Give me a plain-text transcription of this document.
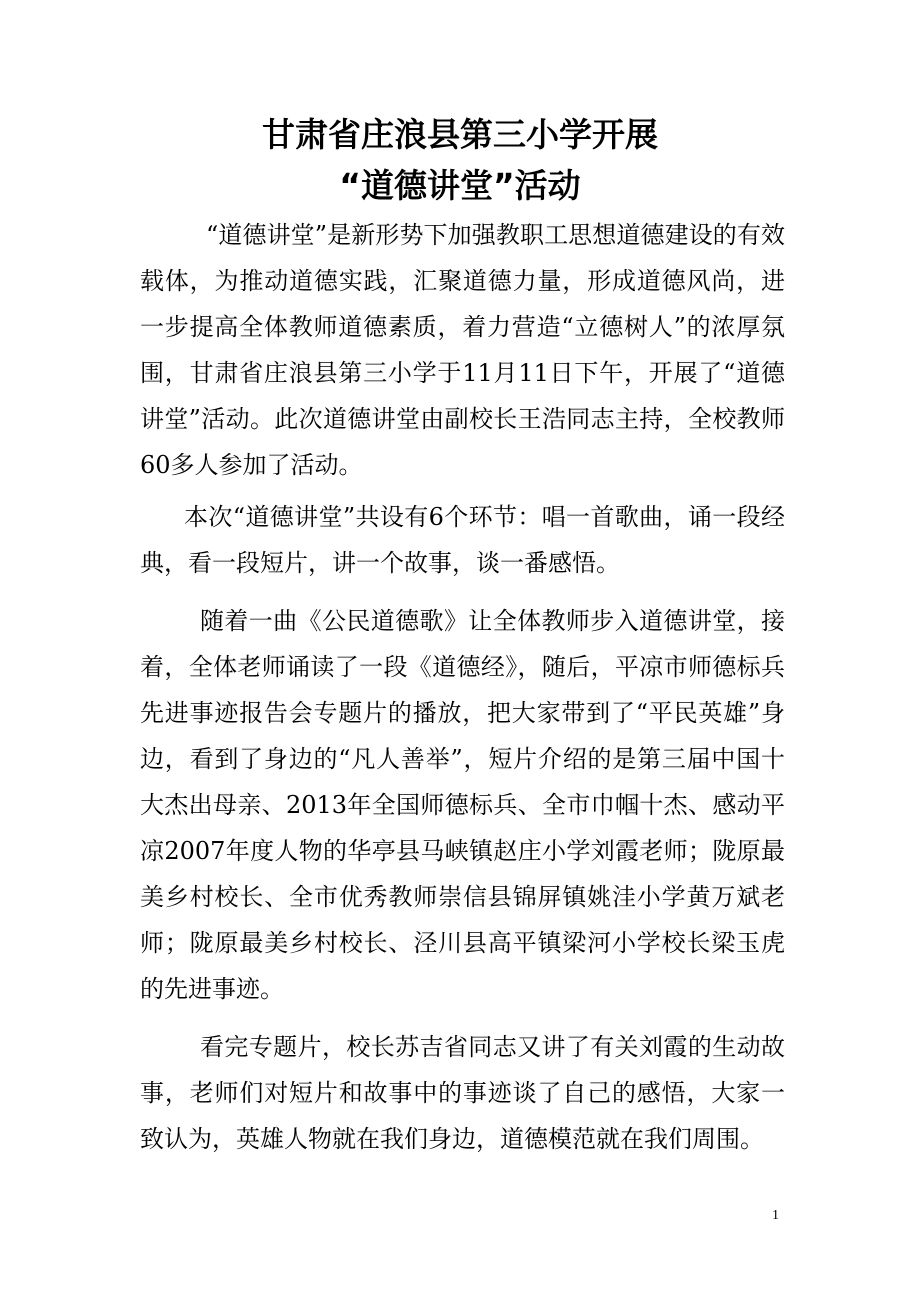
甘肃省庄浪县第三小学开展
“道德讲堂”活动

“道德讲堂”是新形势下加强教职工思想道德建设的有效载体，为推动道德实践，汇聚道德力量，形成道德风尚，进一步提高全体教师道德素质，着力营造“立德树人”的浓厚氛围，甘肃省庄浪县第三小学于11月11日下午，开展了“道德讲堂”活动。此次道德讲堂由副校长王浩同志主持，全校教师60多人参加了活动。

本次“道德讲堂”共设有6个环节：唱一首歌曲，诵一段经典，看一段短片，讲一个故事，谈一番感悟。

随着一曲《公民道德歌》让全体教师步入道德讲堂，接着，全体老师诵读了一段《道德经》，随后，平凉市师德标兵先进事迹报告会专题片的播放，把大家带到了“平民英雄”身边，看到了身边的“凡人善举”，短片介绍的是第三届中国十大杰出母亲、2013年全国师德标兵、全市巾帼十杰、感动平凉2007年度人物的华亭县马峡镇赵庄小学刘霞老师；陇原最美乡村校长、全市优秀教师崇信县锦屏镇姚洼小学黄万斌老师；陇原最美乡村校长、泾川县高平镇梁河小学校长梁玉虎的先进事迹。

看完专题片，校长苏吉省同志又讲了有关刘霞的生动故事，老师们对短片和故事中的事迹谈了自己的感悟，大家一致认为，英雄人物就在我们身边，道德模范就在我们周围。

1
